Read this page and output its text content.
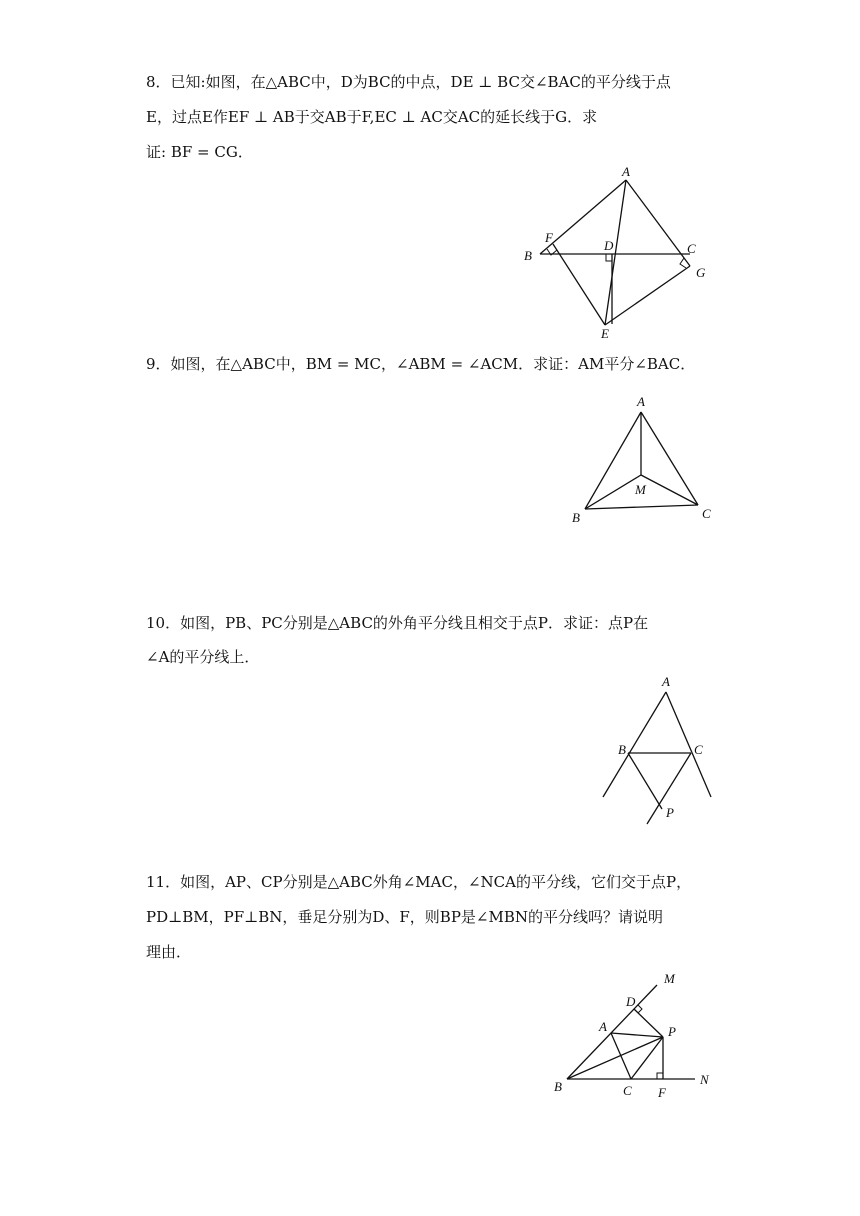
8．已知:如图，在△ABC中，D为BC的中点，DE ⊥ BC交∠BAC的平分线于点
E，过点E作EF ⊥ AB于交AB于F,EC ⊥ AC交AC的延长线于G．求
证: BF = CG．
A
B	C
D
E
F
G
9．如图，在△ABC中，BM = MC，∠ABM = ∠ACM．求证：AM平分∠BAC．
A
B	C
M
10．如图，PB、PC分别是△ABC的外角平分线且相交于点P．求证：点P在
∠A的平分线上．
A
B	C
P
11．如图，AP、CP分别是△ABC外角∠MAC，∠NCA的平分线，它们交于点P，
PD⊥BM，PF⊥BN，垂足分别为D、F，则BP是∠MBN的平分线吗？请说明
理由．
D
M
A	P
B	C F
N
